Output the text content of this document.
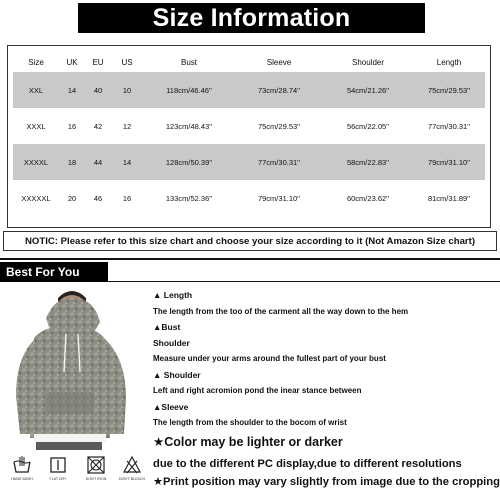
Size Information
Size	UK	EU	US	Bust	Sleeve	Shoulder	Length
XXL	14	40	10	118cm/46.46''	73cm/28.74''	54cm/21.26''	75cm/29.53''
XXXL	16	42	12	123cm/48.43''	75cm/29.53''	56cm/22.05''	77cm/30.31''
XXXXL	18	44	14	128cm/50.39''	77cm/30.31''	58cm/22.83''	79cm/31.10''
XXXXXL	20	46	16	133cm/52.36''	79cm/31.10''	60cm/23.62''	81cm/31.89''
NOTIC: Please refer to this size chart and choose your size according to it (Not Amazon Size chart)
Best For You
▲ Length
The length from the too of the carment all the way down to the hem
▲Bust
Shoulder
Measure under your arms around the fullest part of your bust
▲ Shoulder
Left and right acromion pond the inear stance between
▲Sleeve
The length from the shoulder to the bocom of wrist
★Color may be lighter or darker
due to the different PC display,due to different resolutions
★Print position may vary slightly from image due to the cropping
HAND WASH	FLAT DRY	DON'T IRON	DON'T BLEACH
